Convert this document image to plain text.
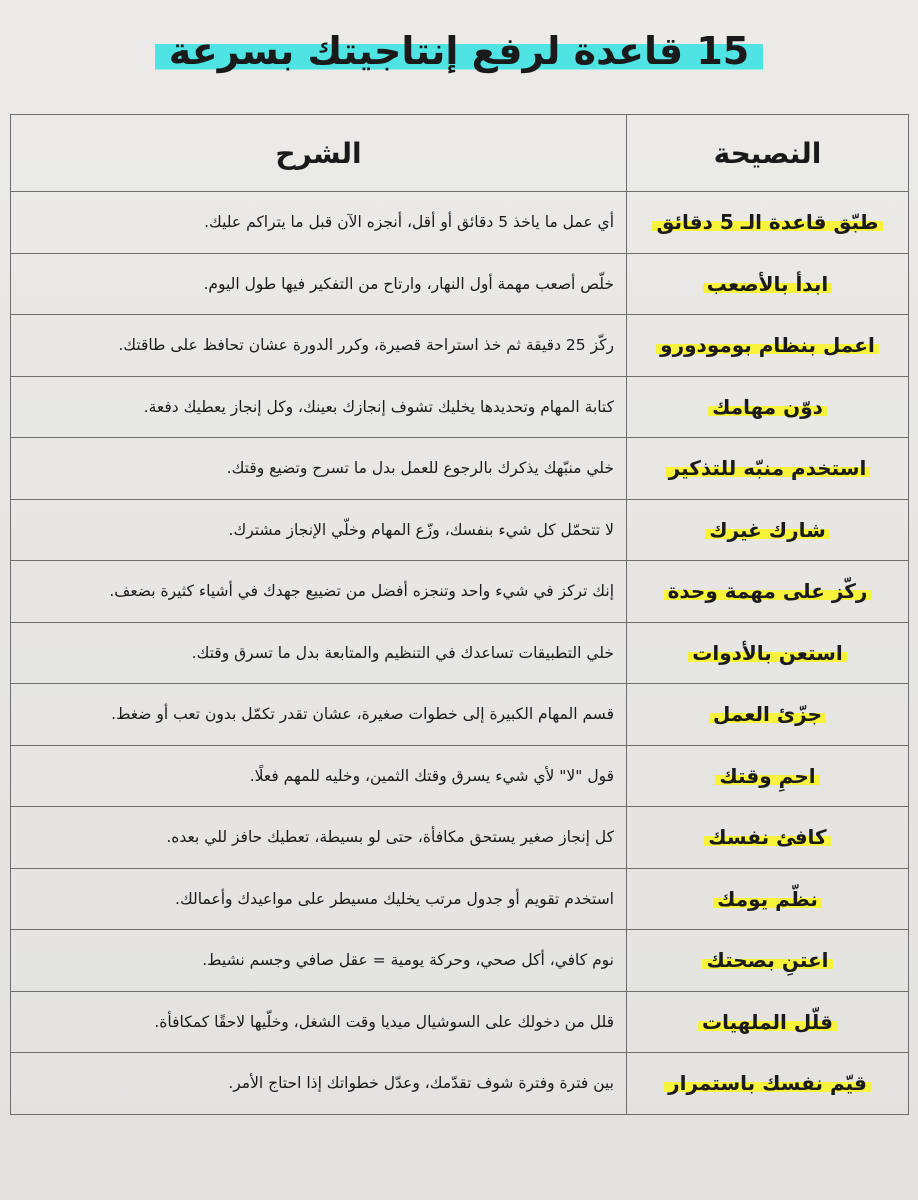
15 قاعدة لرفع إنتاجيتك بسرعة
النصيحة	الشرح
طبّق قاعدة الـ 5 دقائق	أي عمل ما ياخذ 5 دقائق أو أقل، أنجزه الآن قبل ما يتراكم عليك.
ابدأ بالأصعب	خلّص أصعب مهمة أول النهار، وارتاح من التفكير فيها طول اليوم.
اعمل بنظام بومودورو	ركّز 25 دقيقة ثم خذ استراحة قصيرة، وكرر الدورة عشان تحافظ على طاقتك.
دوّن مهامك	كتابة المهام وتحديدها يخليك تشوف إنجازك بعينك، وكل إنجاز يعطيك دفعة.
استخدم منبّه للتذكير	خلي منبّهك يذكرك بالرجوع للعمل بدل ما تسرح وتضيع وقتك.
شارك غيرك	لا تتحمّل كل شيء بنفسك، وزّع المهام وخلّي الإنجاز مشترك.
ركّز على مهمة وحدة	إنك تركز في شيء واحد وتنجزه أفضل من تضييع جهدك في أشياء كثيرة بضعف.
استعن بالأدوات	خلي التطبيقات تساعدك في التنظيم والمتابعة بدل ما تسرق وقتك.
جزّئ العمل	قسم المهام الكبيرة إلى خطوات صغيرة، عشان تقدر تكمّل بدون تعب أو ضغط.
احمِ وقتك	قول "لا" لأي شيء يسرق وقتك الثمين، وخليه للمهم فعلًا.
كافئ نفسك	كل إنجاز صغير يستحق مكافأة، حتى لو بسيطة، تعطيك حافز للي بعده.
نظّم يومك	استخدم تقويم أو جدول مرتب يخليك مسيطر على مواعيدك وأعمالك.
اعتنِ بصحتك	نوم كافي، أكل صحي، وحركة يومية = عقل صافي وجسم نشيط.
قلّل الملهيات	قلل من دخولك على السوشيال ميديا وقت الشغل، وخلّيها لاحقًا كمكافأة.
قيّم نفسك باستمرار	بين فترة وفترة شوف تقدّمك، وعدّل خطواتك إذا احتاج الأمر.
